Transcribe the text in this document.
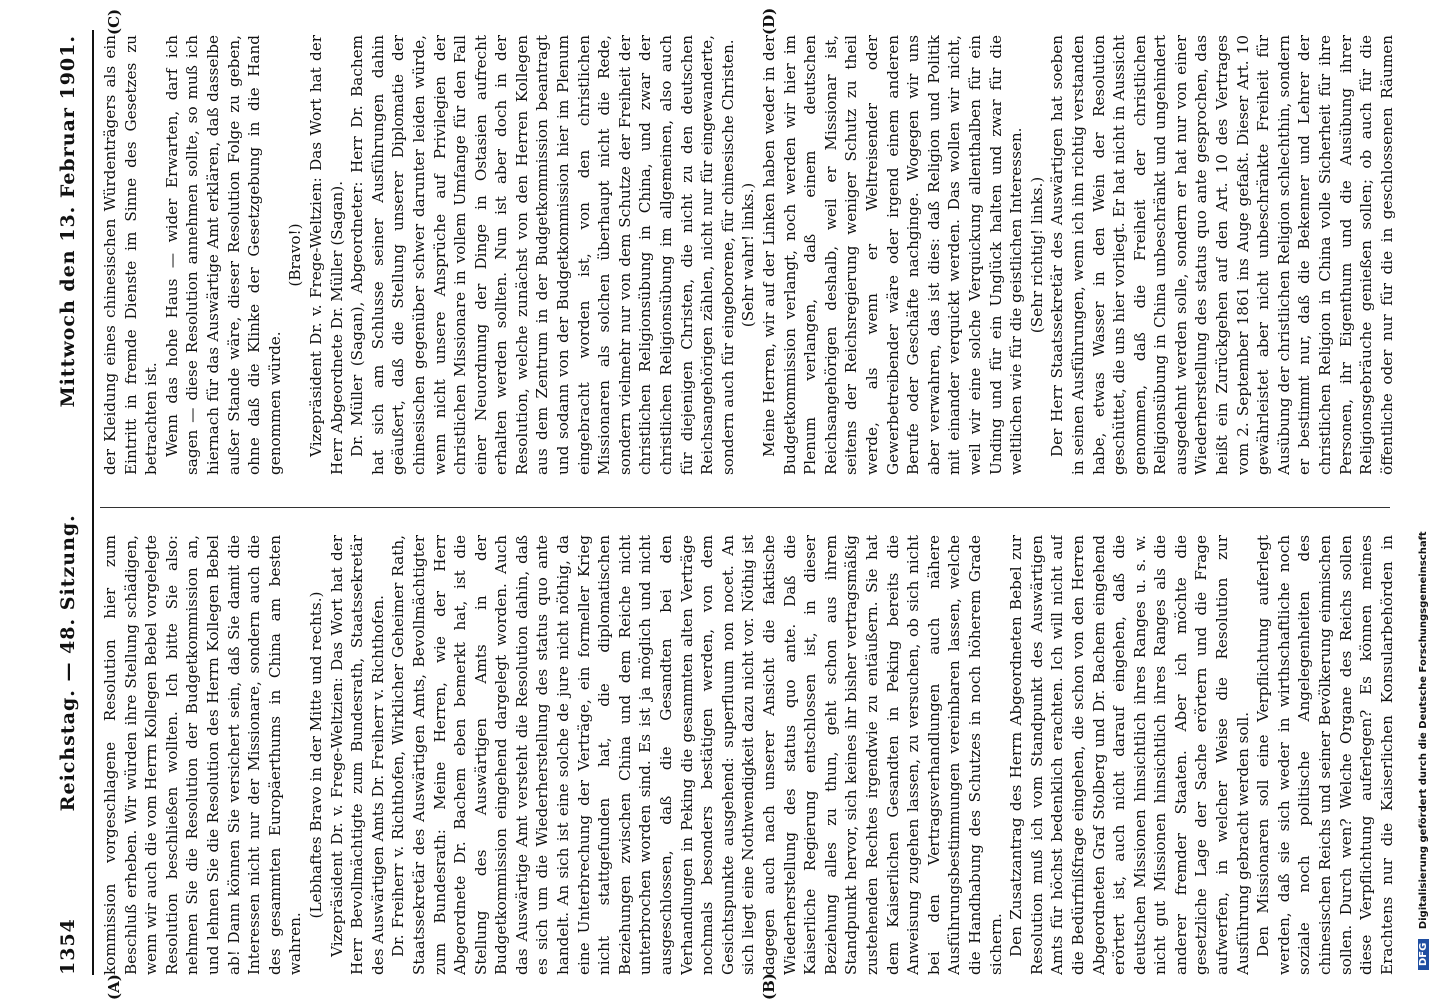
1354
Reichstag. — 48. Sitzung.
Mittwoch den 13. Februar 1901.
(A)	(B)
(C)	(D)

kommission vorgeschlagene Resolution hier zum Beschluß erheben. Wir würden ihre Stellung schädigen, wenn wir auch die vom Herrn Kollegen Bebel vorgelegte Resolution beschließen wollten. Ich bitte Sie also: nehmen Sie die Resolution der Budgetkommission an, und lehnen Sie die Resolution des Herrn Kollegen Bebel ab! Dann können Sie versichert sein, daß Sie damit die Interessen nicht nur der Missionare, sondern auch die des gesammten Europäerthums in China am besten wahren.

(Lebhaftes Bravo in der Mitte und rechts.) Vizepräsident Dr. v. Frege-Weltzien: Das Wort hat der Herr Bevollmächtigte zum Bundesrath, Staatssekretär des Auswärtigen Amts Dr. Freiherr v. Richthofen. Dr. Freiherr v. Richthofen, Wirklicher Geheimer Rath, Staatssekretär des Auswärtigen Amts, Bevollmächtigter zum Bundesrath: Meine Herren, wie der Herr Abgeordnete Dr. Bachem eben bemerkt hat, ist die Stellung des Auswärtigen Amts in der Budgetkommission eingehend dargelegt worden. Auch das Auswärtige Amt versteht die Resolution dahin, daß es sich um die Wiederherstellung des status quo ante handelt. An sich ist eine solche de jure nicht nöthig, da eine Unterbrechung der Verträge, ein formeller Krieg nicht stattgefunden hat, die diplomatischen Beziehungen zwischen China und dem Reiche nicht unterbrochen worden sind. Es ist ja möglich und nicht ausgeschlossen, daß die Gesandten bei den Verhandlungen in Peking die gesammten alten Verträge nochmals besonders bestätigen werden, von dem Gesichtspunkte ausgehend: superfluum non nocet. An sich liegt eine Nothwendigkeit dazu nicht vor. Nöthig ist dagegen auch nach unserer Ansicht die faktische Wiederherstellung des status quo ante. Daß die Kaiserliche Regierung entschlossen ist, in dieser Beziehung alles zu thun, geht schon aus ihrem Standpunkt hervor, sich keines ihr bisher vertragsmäßig zustehenden Rechtes irgendwie zu entäußern. Sie hat dem Kaiserlichen Gesandten in Peking bereits die Anweisung zugehen lassen, zu versuchen, ob sich nicht bei den Vertragsverhandlungen auch nähere Ausführungsbestimmungen vereinbaren lassen, welche die Handhabung des Schutzes in noch höherem Grade sichern. Den Zusatzantrag des Herrn Abgeordneten Bebel zur Resolution muß ich vom Standpunkt des Auswärtigen Amts für höchst bedenklich erachten. Ich will nicht auf die Bedürfnißfrage eingehen, die schon von den Herren Abgeordneten Graf Stolberg und Dr. Bachem eingehend erörtert ist, auch nicht darauf eingehen, daß die deutschen Missionen hinsichtlich ihres Ranges u. s. w. nicht gut Missionen hinsichtlich ihres Ranges als die anderer fremder Staaten. Aber ich möchte die gesetzliche Lage der Sache erörtern und die Frage aufwerfen, in welcher Weise die Resolution zur Ausführung gebracht werden soll. Den Missionaren soll eine Verpflichtung auferlegt werden, daß sie sich weder in wirthschaftliche noch soziale noch politische Angelegenheiten des chinesischen Reichs und seiner Bevölkerung einmischen sollen. Durch wen? Welche Organe des Reichs sollen diese Verpflichtung auferlegen? Es können meines Erachtens nur die Kaiserlichen Konsularbehörden in

der Kleidung eines chinesischen Würdenträgers als ein Eintritt in fremde Dienste im Sinne des Gesetzes zu betrachten ist. Wenn das hohe Haus — wider Erwarten, darf ich sagen — diese Resolution annehmen sollte, so muß ich hiernach für das Auswärtige Amt erklären, daß dasselbe außer Stande wäre, dieser Resolution Folge zu geben, ohne daß die Klinke der Gesetzgebung in die Hand genommen würde.

(Bravo!) Vizepräsident Dr. v. Frege-Weltzien: Das Wort hat der Herr Abgeordnete Dr. Müller (Sagan). Dr. Müller (Sagan), Abgeordneter: Herr Dr. Bachem hat sich am Schlusse seiner Ausführungen dahin geäußert, daß die Stellung unserer Diplomatie der chinesischen gegenüber schwer darunter leiden würde, wenn nicht unsere Ansprüche auf Privilegien der christlichen Missionare in vollem Umfange für den Fall einer Neuordnung der Dinge in Ostasien aufrecht erhalten werden sollten. Nun ist aber doch in der Resolution, welche zunächst von den Herren Kollegen aus dem Zentrum in der Budgetkommission beantragt und sodann von der Budgetkommission hier im Plenum eingebracht worden ist, von den christlichen Missionaren als solchen überhaupt nicht die Rede, sondern vielmehr nur von dem Schutze der Freiheit der christlichen Religionsübung in China, und zwar der christlichen Religionsübung im allgemeinen, also auch für diejenigen Christen, die nicht zu den deutschen Reichsangehörigen zählen, nicht nur für eingewanderte, sondern auch für eingeborene, für chinesische Christen. (Sehr wahr! links.) Meine Herren, wir auf der Linken haben weder in der Budgetkommission verlangt, noch werden wir hier im Plenum verlangen, daß einem deutschen Reichsangehörigen deshalb, weil er Missionar ist, seitens der Reichsregierung weniger Schutz zu theil werde, als wenn er Weltreisender oder Gewerbetreibender wäre oder irgend einem anderen Berufe oder Geschäfte nachginge. Wogegen wir uns aber verwahren, das ist dies: daß Religion und Politik mit einander verquickt werden. Das wollen wir nicht, weil wir eine solche Verquickung allenthalben für ein Unding und für ein Unglück halten und zwar für die weltlichen wie für die geistlichen Interessen. (Sehr richtig! links.)

Der Herr Staatssekretär des Auswärtigen hat soeben in seinen Ausführungen, wenn ich ihn richtig verstanden habe, etwas Wasser in den Wein der Resolution geschüttet, die uns hier vorliegt. Er hat nicht in Aussicht genommen, daß die Freiheit der christlichen Religionsübung in China unbeschränkt und ungehindert ausgedehnt werden solle, sondern er hat nur von einer Wiederherstellung des status quo ante gesprochen, das heißt ein Zurückgehen auf den Art. 10 des Vertrages vom 2. September 1861 ins Auge gefaßt. Dieser Art. 10 gewährleistet aber nicht unbeschränkte Freiheit für Ausübung der christlichen Religion schlechthin, sondern er bestimmt nur, daß die Bekenner und Lehrer der christlichen Religion in China volle Sicherheit für ihre Personen, ihr Eigenthum und die Ausübung ihrer Religionsgebräuche genießen sollen; ob auch für die öffentliche oder nur für die in geschlossenen Räumen

DFG Digitalisierung gefördert durch die Deutsche Forschungsgemeinschaft
